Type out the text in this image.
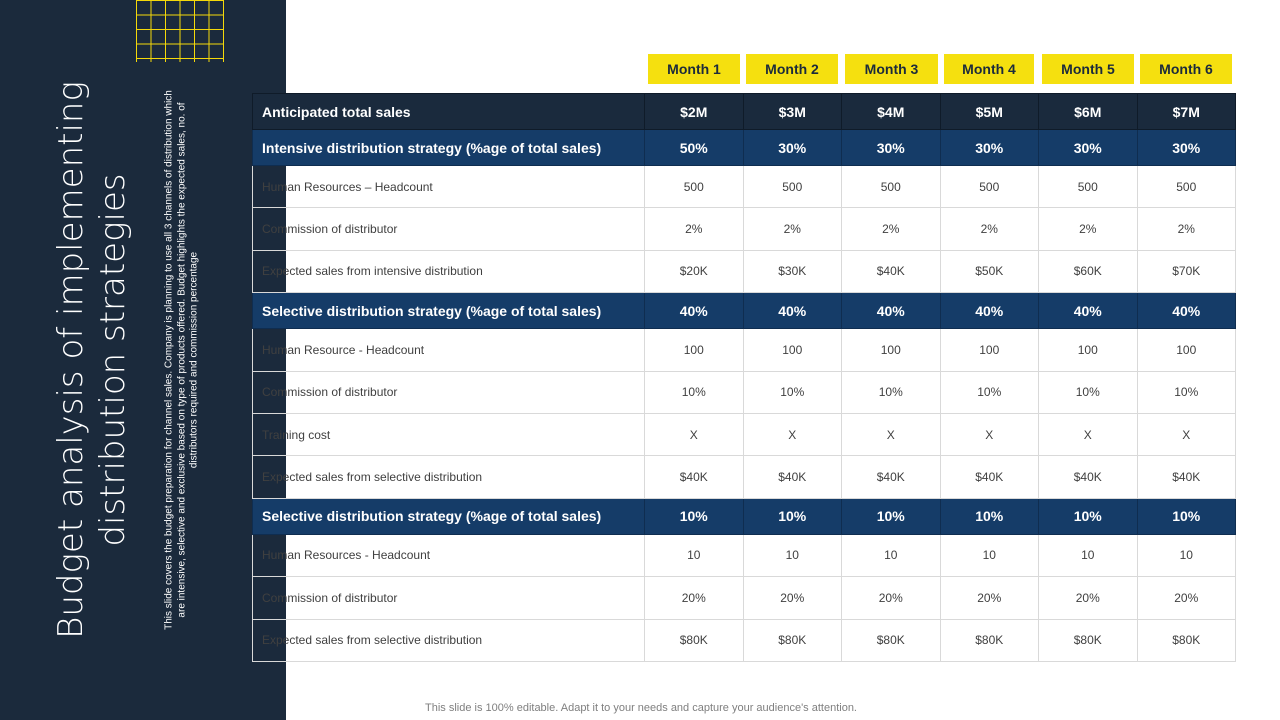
Budget analysis of implementing
distribution strategies	This slide covers the budget preparation for channel sales. Company is planning to use all 3 channels of distribution which are intensive, selective and exclusive based on type of products offered. Budget highlights the expected sales, no. of distributors required and commission percentage
Month 1	Month 2	Month 3	Month 4	Month 5	Month 6
Anticipated total sales	$2M	$3M	$4M	$5M	$6M	$7M
Intensive distribution strategy (%age of total sales)	50%	30%	30%	30%	30%	30%
Human Resources – Headcount	500	500	500	500	500	500
Commission of distributor	2%	2%	2%	2%	2%	2%
Expected sales from intensive distribution	$20K	$30K	$40K	$50K	$60K	$70K
Selective distribution strategy (%age of total sales)	40%	40%	40%	40%	40%	40%
Human Resource - Headcount	100	100	100	100	100	100
Commission of distributor	10%	10%	10%	10%	10%	10%
Training cost	X	X	X	X	X	X
Expected sales from selective distribution	$40K	$40K	$40K	$40K	$40K	$40K
Selective distribution strategy (%age of total sales)	10%	10%	10%	10%	10%	10%
Human Resources - Headcount	10	10	10	10	10	10
Commission of distributor	20%	20%	20%	20%	20%	20%
Expected sales from selective distribution	$80K	$80K	$80K	$80K	$80K	$80K
This slide is 100% editable. Adapt it to your needs and capture your audience's attention.
